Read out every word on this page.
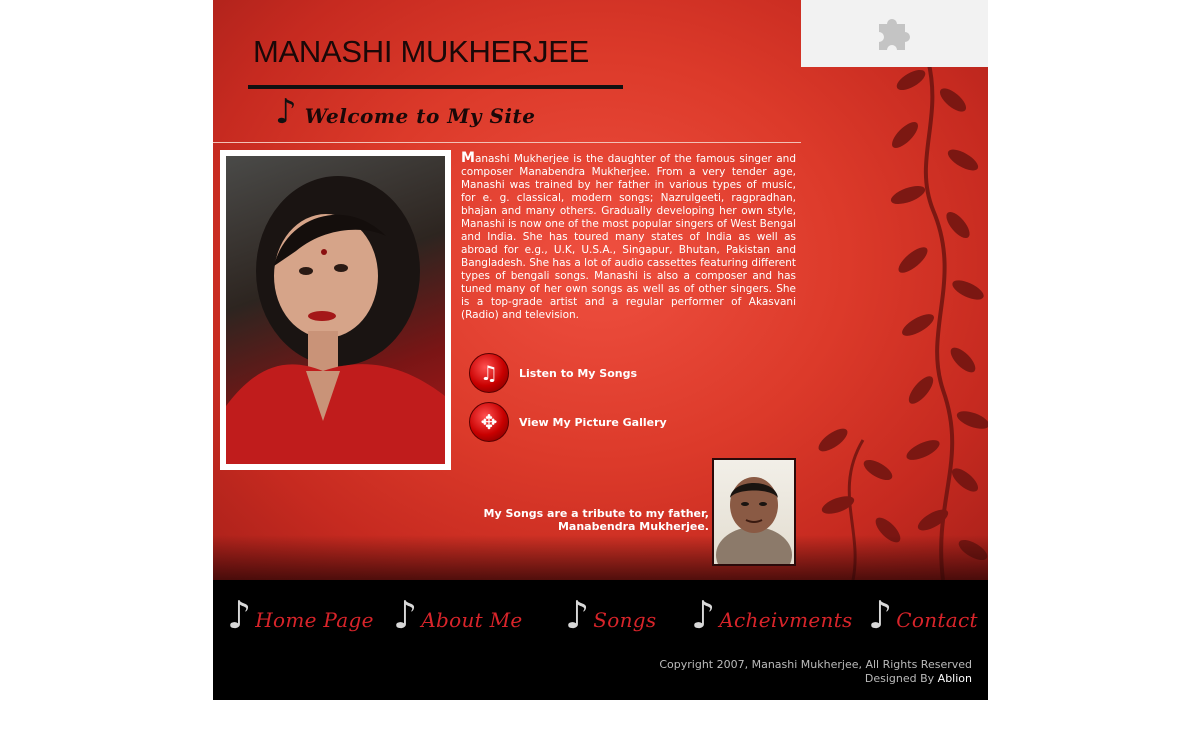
MANASHI MUKHERJEE
♪ Welcome to My Site

Manashi Mukherjee is the daughter of the famous singer and composer Manabendra Mukherjee. From a very tender age, Manashi was trained by her father in various types of music, for e. g. classical, modern songs; Nazrulgeeti, ragpradhan, bhajan and many others. Gradually developing her own style, Manashi is now one of the most popular singers of West Bengal and India. She has toured many states of India as well as abroad for e.g., U.K, U.S.A., Singapur, Bhutan, Pakistan and Bangladesh. She has a lot of audio cassettes featuring different types of bengali songs. Manashi is also a composer and has tuned many of her own songs as well as of other singers. She is a top-grade artist and a regular performer of Akasvani (Radio) and television.

♫	Listen to My Songs
✥	View My Picture Gallery
My Songs are a tribute to my father,
Manabendra Mukherjee.
♪ Home Page ♪ About Me ♪ Songs ♪ Acheivments ♪ Contact
Copyright 2007, Manashi Mukherjee, All Rights Reserved
Designed By Ablion
